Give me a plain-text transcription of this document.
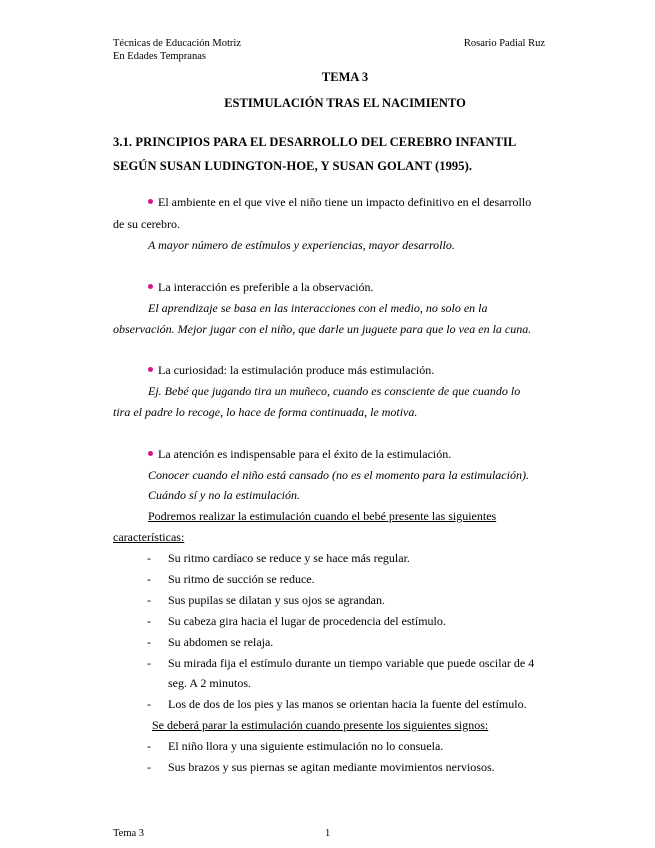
Técnicas de Educación Motriz
En Edades Tempranas
Rosario Padial Ruz
TEMA 3
ESTIMULACIÓN TRAS EL NACIMIENTO
3.1. PRINCIPIOS PARA EL DESARROLLO DEL CEREBRO INFANTIL
SEGÚN SUSAN LUDINGTON-HOE, Y SUSAN GOLANT (1995).
El ambiente en el que vive el niño tiene un impacto definitivo en el desarrollo
de su cerebro.
A mayor número de estímulos y experiencias, mayor desarrollo.
La interacción es preferible a la observación.
El aprendizaje se basa en las interacciones con el medio, no solo en la
observación. Mejor jugar con el niño, que darle un juguete para que lo vea en la cuna.
La curiosidad: la estimulación produce más estimulación.
Ej. Bebé que jugando tira un muñeco, cuando es consciente de que cuando lo
tira el padre lo recoge, lo hace de forma continuada, le motiva.
La atención es indispensable para el éxito de la estimulación.
Conocer cuando el niño está cansado (no es el momento para la estimulación).
Cuándo sí y no la estimulación.
Podremos realizar la estimulación cuando el bebé presente las siguientes
características:
- Su ritmo cardíaco se reduce y se hace más regular.
- Su ritmo de succión se reduce.
- Sus pupilas se dilatan y sus ojos se agrandan.
- Su cabeza gira hacia el lugar de procedencia del estímulo.
- Su abdomen se relaja.
- Su mirada fija el estímulo durante un tiempo variable que puede oscilar de 4
seg. A 2 minutos.
- Los de dos de los pies y las manos se orientan hacia la fuente del estímulo.
Se deberá parar la estimulación cuando presente los siguientes signos:
- El niño llora y una siguiente estimulación no lo consuela.
- Sus brazos y sus piernas se agitan mediante movimientos nerviosos.
Tema 3	1
